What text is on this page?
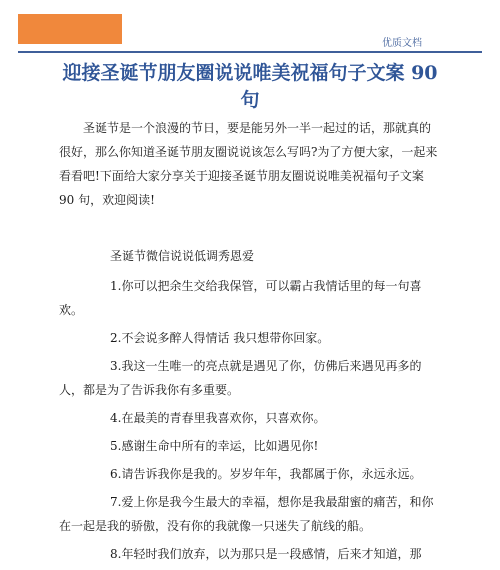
优质文档
迎接圣诞节朋友圈说说唯美祝福句子文案 90 句

圣诞节是一个浪漫的节日，要是能另外一半一起过的话，那就真的很好，那么你知道圣诞节朋友圈说说该怎么写吗?为了方便大家，一起来看看吧!下面给大家分享关于迎接圣诞节朋友圈说说唯美祝福句子文案 90 句，欢迎阅读!

圣诞节微信说说低调秀恩爱

1.你可以把余生交给我保管，可以霸占我情话里的每一句喜欢。
2.不会说多醉人得情话 我只想带你回家。
3.我这一生唯一的亮点就是遇见了你，仿佛后来遇见再多的人，都是为了告诉我你有多重要。
4.在最美的青春里我喜欢你，只喜欢你。
5.感谢生命中所有的幸运，比如遇见你!
6.请告诉我你是我的。岁岁年年，我都属于你，永远永远。
7.爱上你是我今生最大的幸福，想你是我最甜蜜的痛苦，和你在一起是我的骄傲，没有你的我就像一只迷失了航线的船。
8.年轻时我们放弃，以为那只是一段感情，后来才知道，那
